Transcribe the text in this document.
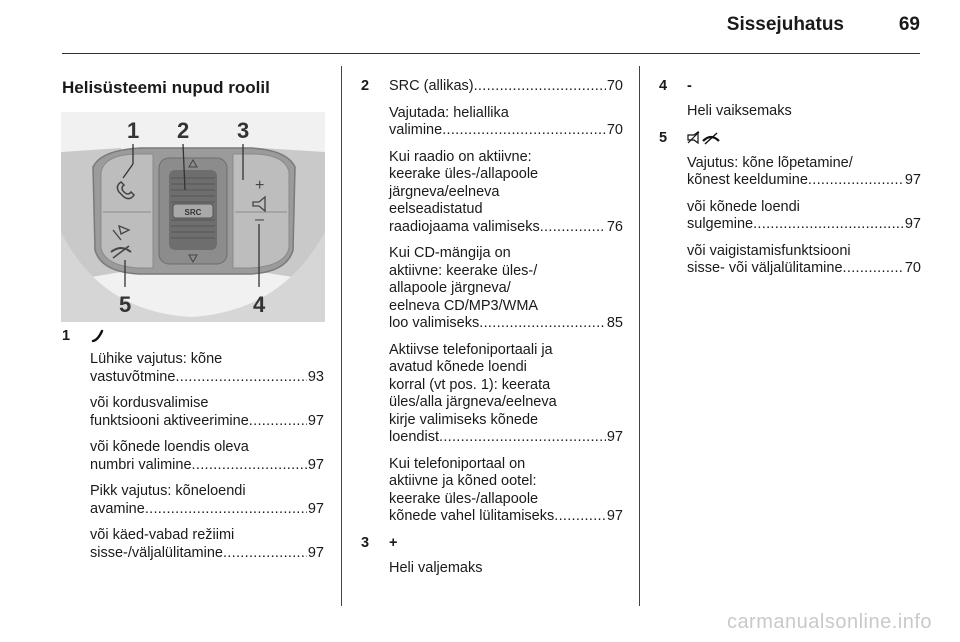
Sissejuhatus	69
Helisüsteemi nupud roolil
SRC
+
–
1 2 3
5	4
1
Lühike vajutus: kõne
vastuvõtmine .....	93
või kordusvalimise
funktsiooni aktiveerimine .....	97
või kõnede loendis oleva
numbri valimine .....	97
Pikk vajutus: kõneloendi
avamine .....	97
või käed-vabad režiimi
sisse-/väljalülitamine .....	97
2 SRC (allikas) .....	70
Vajutada: heliallika
valimine .....	70
Kui raadio on aktiivne:
keerake üles-/allapoole
järgneva/eelneva
eelseadistatud
raadiojaama valimiseks .....	76
Kui CD-mängija on
aktiivne: keerake üles-/
allapoole järgneva/
eelneva CD/MP3/WMA
loo valimiseks .....	85
Aktiivse telefoniportaali ja
avatud kõnede loendi
korral (vt pos. 1): keerata
üles/alla järgneva/eelneva
kirje valimiseks kõnede
loendist .....	97
Kui telefoniportaal on
aktiivne ja kõned ootel:
keerake üles-/allapoole
kõnede vahel lülitamiseks .....	97
3 +
Heli valjemaks
4 -
Heli vaiksemaks
5
Vajutus: kõne lõpetamine/
kõnest keeldumine .....	97
või kõnede loendi
sulgemine .....	97
või vaigistamisfunktsiooni
sisse- või väljalülitamine .....	70
carmanualsonline.info
